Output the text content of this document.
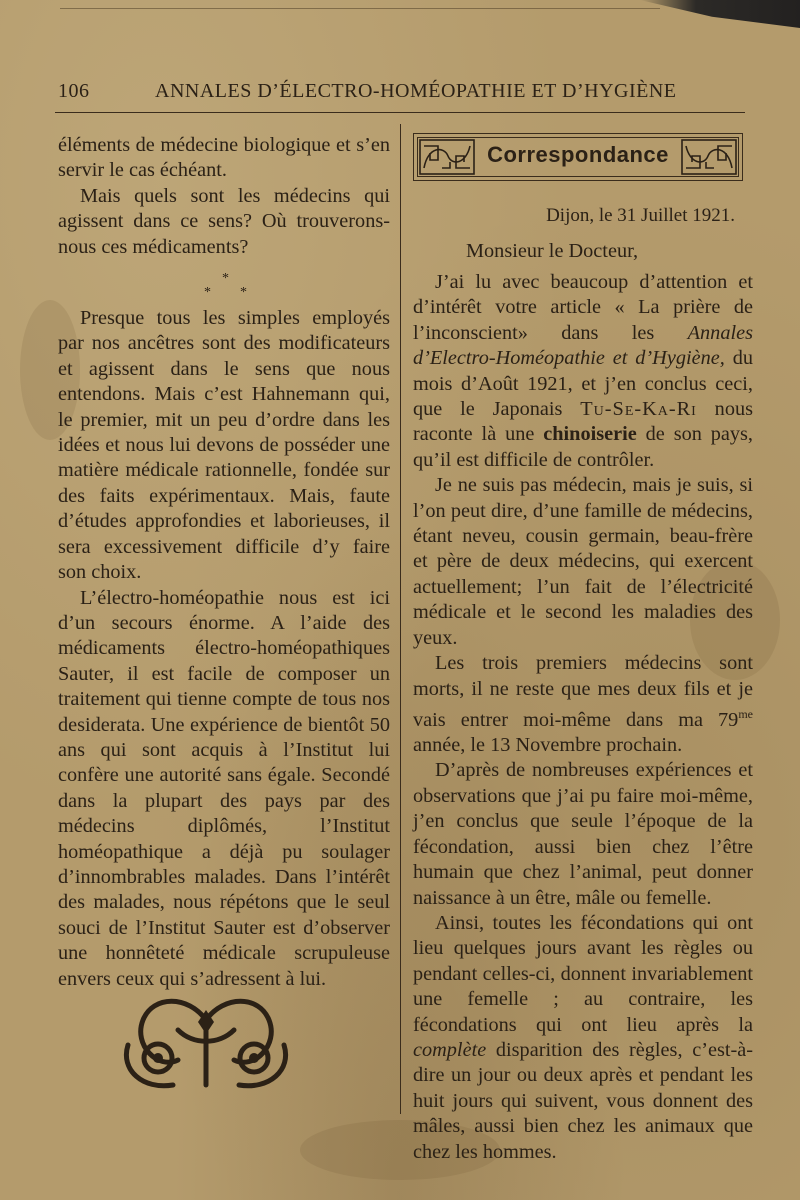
106	ANNALES D’ÉLECTRO-HOMÉOPATHIE ET D’HYGIÈNE

éléments de médecine biologique et s’en servir le cas échéant.

Mais quels sont les médecins qui agissent dans ce sens? Où trouverons-nous ces médicaments?

*
* *

Presque tous les simples employés par nos ancêtres sont des modificateurs et agissent dans le sens que nous entendons. Mais c’est Hahnemann qui, le premier, mit un peu d’ordre dans les idées et nous lui devons de posséder une matière médicale rationnelle, fondée sur des faits expérimentaux. Mais, faute d’études approfondies et laborieuses, il sera excessivement difficile d’y faire son choix.

L’électro-homéopathie nous est ici d’un secours énorme. A l’aide des médicaments électro-homéopathiques Sauter, il est facile de composer un traitement qui tienne compte de tous nos desiderata. Une expérience de bientôt 50 ans qui sont acquis à l’Institut lui confère une autorité sans égale. Secondé dans la plupart des pays par des médecins diplômés, l’Institut homéopathique a déjà pu soulager d’innombrables malades. Dans l’intérêt des malades, nous répétons que le seul souci de l’Institut Sauter est d’observer une honnêteté médicale scrupuleuse envers ceux qui s’adressent à lui.

Correspondance
Dijon, le 31 Juillet 1921.
Monsieur le Docteur,

J’ai lu avec beaucoup d’attention et d’intérêt votre article « La prière de l’inconscient» dans les Annales d’Electro-Homéopathie et d’Hygiène, du mois d’Août 1921, et j’en conclus ceci, que le Japonais Tu-Se-Ka-Ri nous raconte là une chinoiserie de son pays, qu’il est difficile de contrôler.

Je ne suis pas médecin, mais je suis, si l’on peut dire, d’une famille de médecins, étant neveu, cousin germain, beau-frère et père de deux médecins, qui exercent actuellement; l’un fait de l’électricité médicale et le second les maladies des yeux.

Les trois premiers médecins sont morts, il ne reste que mes deux fils et je vais entrer moi-même dans ma $79^{me}$ année, le 13 Novembre prochain.

D’après de nombreuses expériences et observations que j’ai pu faire moi-même, j’en conclus que seule l’époque de la fécondation, aussi bien chez l’être humain que chez l’animal, peut donner naissance à un être, mâle ou femelle.

Ainsi, toutes les fécondations qui ont lieu quelques jours avant les règles ou pendant celles-ci, donnent invariablement une femelle ; au contraire, les fécondations qui ont lieu après la complète disparition des règles, c’est-à-dire un jour ou deux après et pendant les huit jours qui suivent, vous donnent des mâles, aussi bien chez les animaux que chez les hommes.
